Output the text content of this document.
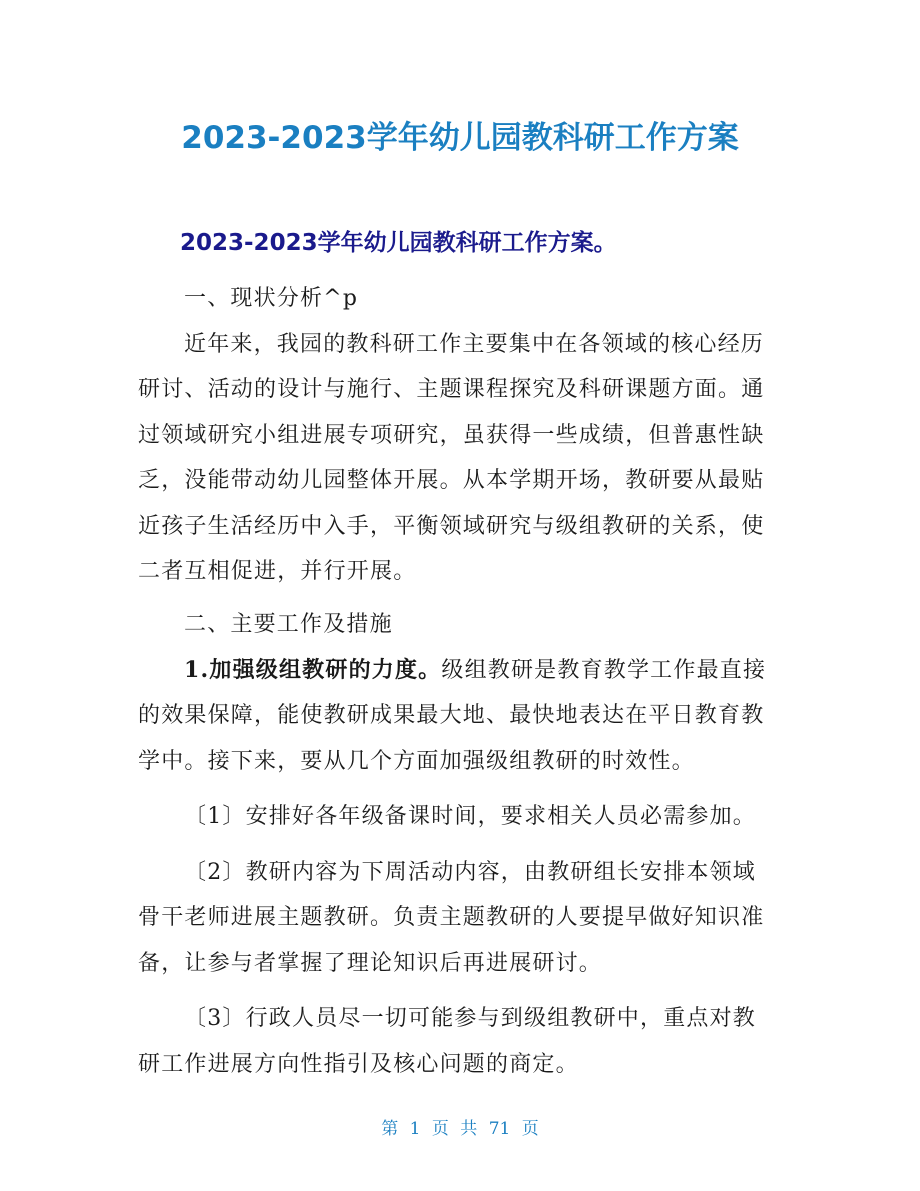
2023-2023学年幼儿园教科研工作方案
2023-2023学年幼儿园教科研工作方案。
一、现状分析^p
近年来，我园的教科研工作主要集中在各领域的核心经历
研讨、活动的设计与施行、主题课程探究及科研课题方面。通
过领域研究小组进展专项研究，虽获得一些成绩，但普惠性缺
乏，没能带动幼儿园整体开展。从本学期开场，教研要从最贴
近孩子生活经历中入手，平衡领域研究与级组教研的关系，使
二者互相促进，并行开展。
二、主要工作及措施
1.加强级组教研的力度。级组教研是教育教学工作最直接
的效果保障，能使教研成果最大地、最快地表达在平日教育教
学中。接下来，要从几个方面加强级组教研的时效性。
〔1〕安排好各年级备课时间，要求相关人员必需参加。
〔2〕教研内容为下周活动内容，由教研组长安排本领域
骨干老师进展主题教研。负责主题教研的人要提早做好知识准
备，让参与者掌握了理论知识后再进展研讨。
〔3〕行政人员尽一切可能参与到级组教研中，重点对教
研工作进展方向性指引及核心问题的商定。
第 1 页 共 71 页
